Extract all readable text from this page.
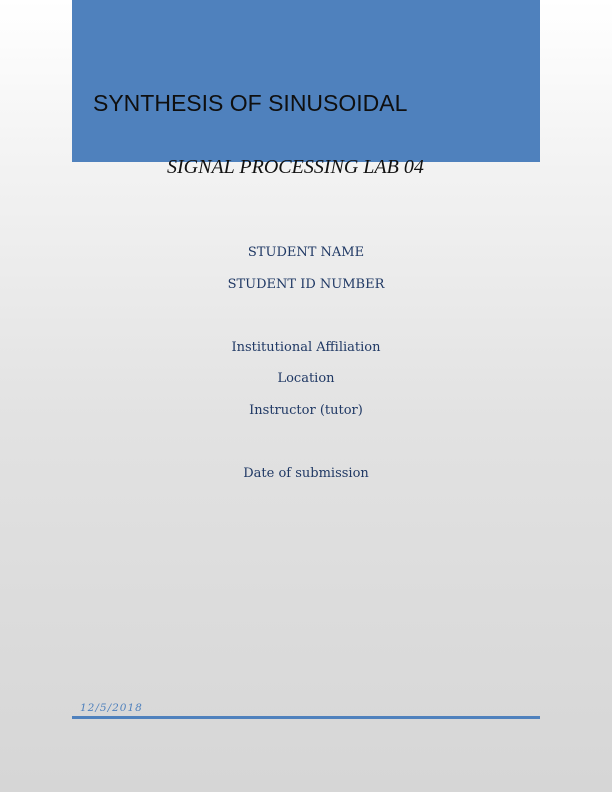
SYNTHESIS OF SINUSOIDAL
SIGNAL PROCESSING LAB 04
STUDENT NAME
STUDENT ID NUMBER
Institutional Affiliation
Location
Instructor (tutor)
Date of submission
12/5/2018
